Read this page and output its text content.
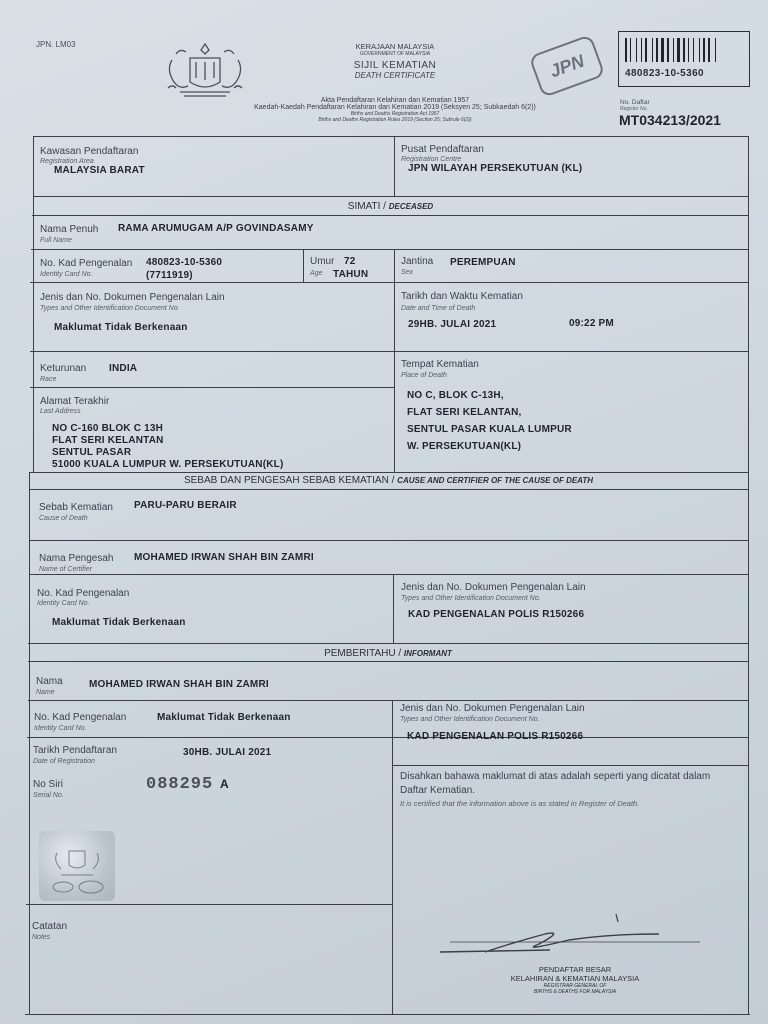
JPN. LM03	KERAJAAN MALAYSIA
GOVERNMENT OF MALAYSIA
SIJIL KEMATIAN
DEATH CERTIFICATE
Akta Pendaftaran Kelahiran dan Kematian 1957
Kaedah-Kaedah Pendaftaran Kelahiran dan Kematian 2019 (Seksyen 25; Subkaedah 6(2))
Births and Deaths Registration Act 1957
Births and Deaths Registration Rules 2019 (Section 25; Subrule 6(2))
JPN	480823-10-5360
No. Daftar
Register No.
MT034213/2021
Kawasan Pendaftaran
Registration Area
MALAYSIA BARAT
Pusat Pendaftaran
Registration Centre
JPN WILAYAH PERSEKUTUAN (KL)
SIMATI / DECEASED
Nama Penuh
Full Name
RAMA ARUMUGAM A/P GOVINDASAMY
No. Kad Pengenalan
Identity Card No.
480823-10-5360
(7711919)
Umur
Age
72
TAHUN
Jantina
Sex
PEREMPUAN
Jenis dan No. Dokumen Pengenalan Lain
Types and Other Identification Document No.
Maklumat Tidak Berkenaan
Tarikh dan Waktu Kematian
Date and Time of Death
29HB. JULAI 2021	09:22 PM
Keturunan
Race
INDIA	Tempat Kematian
Place of Death
NO C, BLOK C-13H,
FLAT SERI KELANTAN,
SENTUL PASAR KUALA LUMPUR
W. PERSEKUTUAN(KL)
Alamat Terakhir
Last Address
NO C-160 BLOK C 13H
FLAT SERI KELANTAN
SENTUL PASAR
51000 KUALA LUMPUR W. PERSEKUTUAN(KL)
SEBAB DAN PENGESAH SEBAB KEMATIAN / CAUSE AND CERTIFIER OF THE CAUSE OF DEATH
Sebab Kematian
Cause of Death
PARU-PARU BERAIR
Nama Pengesah
Name of Certifier
MOHAMED IRWAN SHAH BIN ZAMRI
No. Kad Pengenalan
Identity Card No.
Maklumat Tidak Berkenaan
Jenis dan No. Dokumen Pengenalan Lain
Types and Other Identification Document No.
KAD PENGENALAN POLIS R150266
PEMBERITAHU / INFORMANT
Nama
Name
MOHAMED IRWAN SHAH BIN ZAMRI
No. Kad Pengenalan
Identity Card No.
Maklumat Tidak Berkenaan
Jenis dan No. Dokumen Pengenalan Lain
Types and Other Identification Document No.
KAD PENGENALAN POLIS R150266
Tarikh Pendaftaran
Date of Registration
30HB. JULAI 2021
No Siri
Serial No.
088295 A
Disahkan bahawa maklumat di atas adalah seperti yang dicatat dalam Daftar Kematian.
It is certified that the information above is as stated in Register of Death.
Catatan
Notes
PENDAFTAR BESAR
KELAHIRAN & KEMATIAN MALAYSIA
REGISTRAR GENERAL OF
BIRTHS & DEATHS FOR MALAYSIA
